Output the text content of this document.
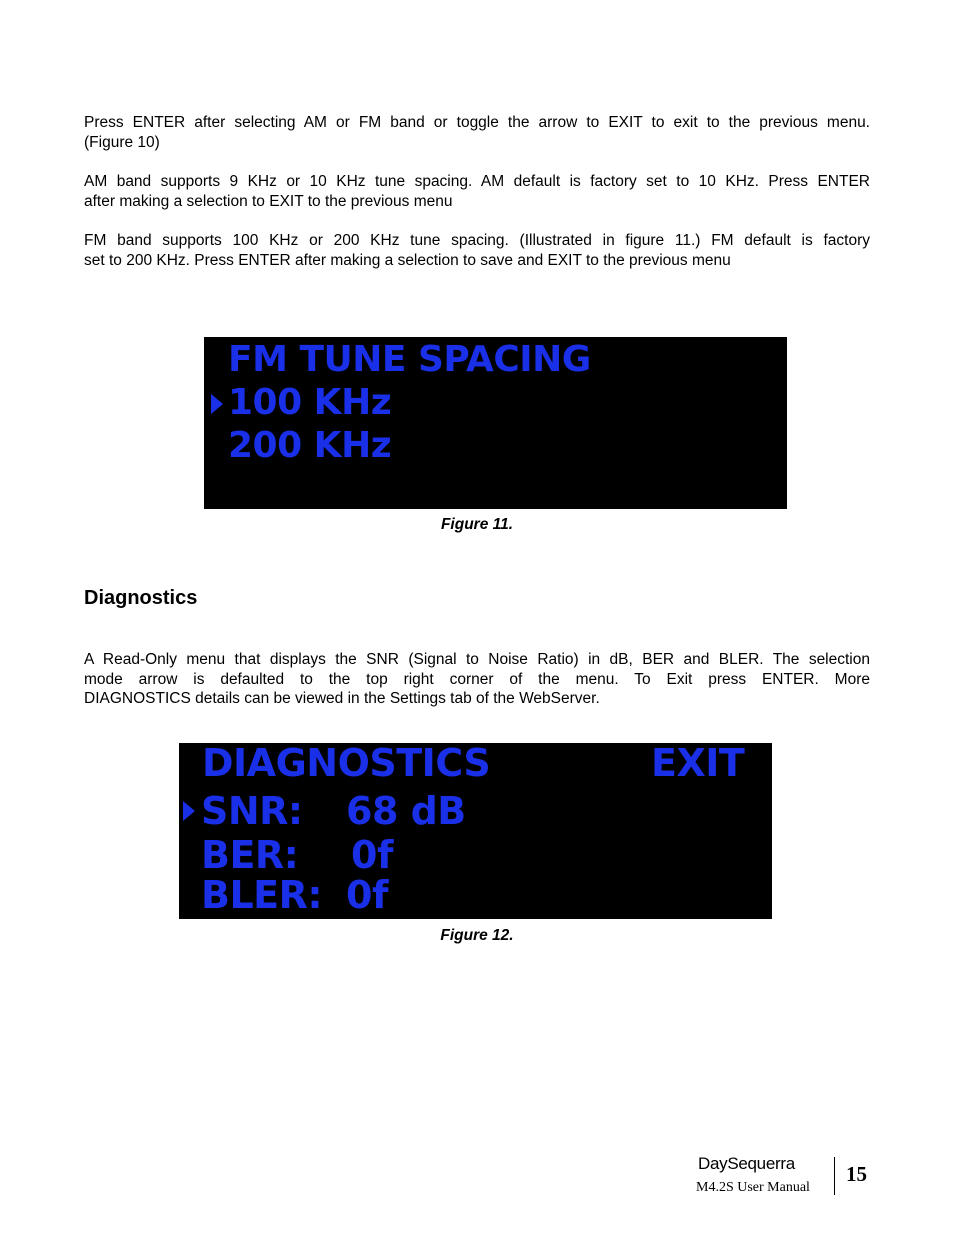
Press ENTER after selecting AM or FM band or toggle the arrow to EXIT to exit to the previous menu.
(Figure 10)
AM band supports 9 KHz or 10 KHz tune spacing. AM default is factory set to 10 KHz. Press ENTER
after making a selection to EXIT to the previous menu
FM band supports 100 KHz or 200 KHz tune spacing. (Illustrated in figure 11.) FM default is factory
set to 200 KHz. Press ENTER after making a selection to save and EXIT to the previous menu
FM TUNE SPACING
100 KHz
200 KHz
Figure 11.
Diagnostics
A Read-Only menu that displays the SNR (Signal to Noise Ratio) in dB, BER and BLER. The selection
mode arrow is defaulted to the top right corner of the menu. To Exit press ENTER. More
DIAGNOSTICS details can be viewed in the Settings tab of the WebServer.
DIAGNOSTICS	EXIT
SNR: 68 dB
BER: 0f
BLER: 0f
Figure 12.
DaySequerra
M4.2S User Manual
15
